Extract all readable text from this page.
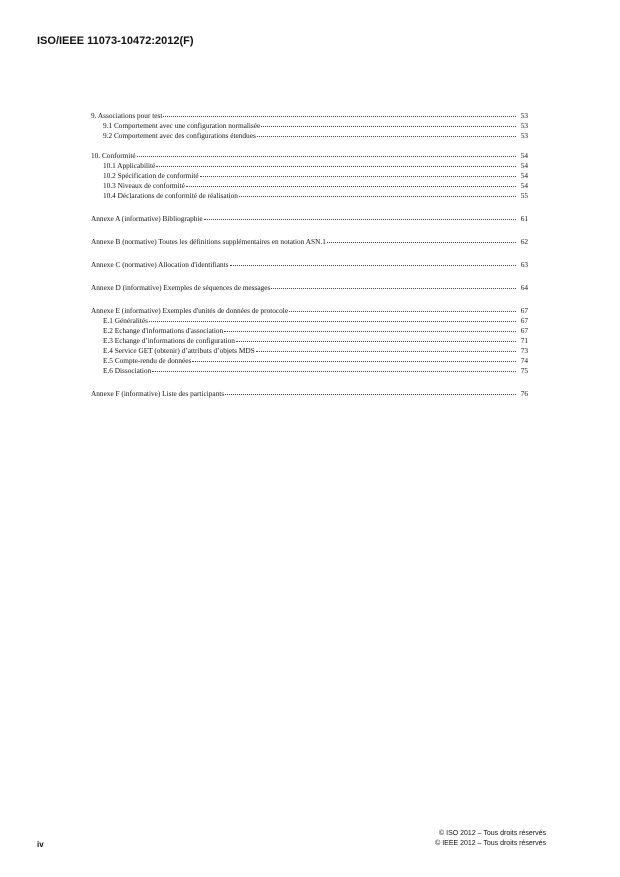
ISO/IEEE 11073-10472:2012(F)
9. Associations pour test	53
9.1 Comportement avec une configuration normalisée	53
9.2 Comportement avec des configurations étendues	53
10. Conformité	54
10.1 Applicabilité	54
10.2 Spécification de conformité	54
10.3 Niveaux de conformité	54
10.4 Déclarations de conformité de réalisation	55
Annexe A (informative) Bibliographie	61
Annexe B (normative) Toutes les définitions supplémentaires en notation ASN.1	62
Annexe C (normative) Allocation d'identifiants	63
Annexe D (informative) Exemples de séquences de messages	64
Annexe E (informative) Exemples d'unités de données de protocole	67
E.1 Généralités	67
E.2 Echange d'informations d'association	67
E.3 Echange d’informations de configuration	71
E.4 Service GET (obtenir) d’attributs d’objets MDS	73
E.5 Compte-rendu de données	74
E.6 Dissociation	75
Annexe F (informative) Liste des participants	76
iv
© ISO 2012 – Tous droits réservés
© IEEE 2012 – Tous droits réservés
